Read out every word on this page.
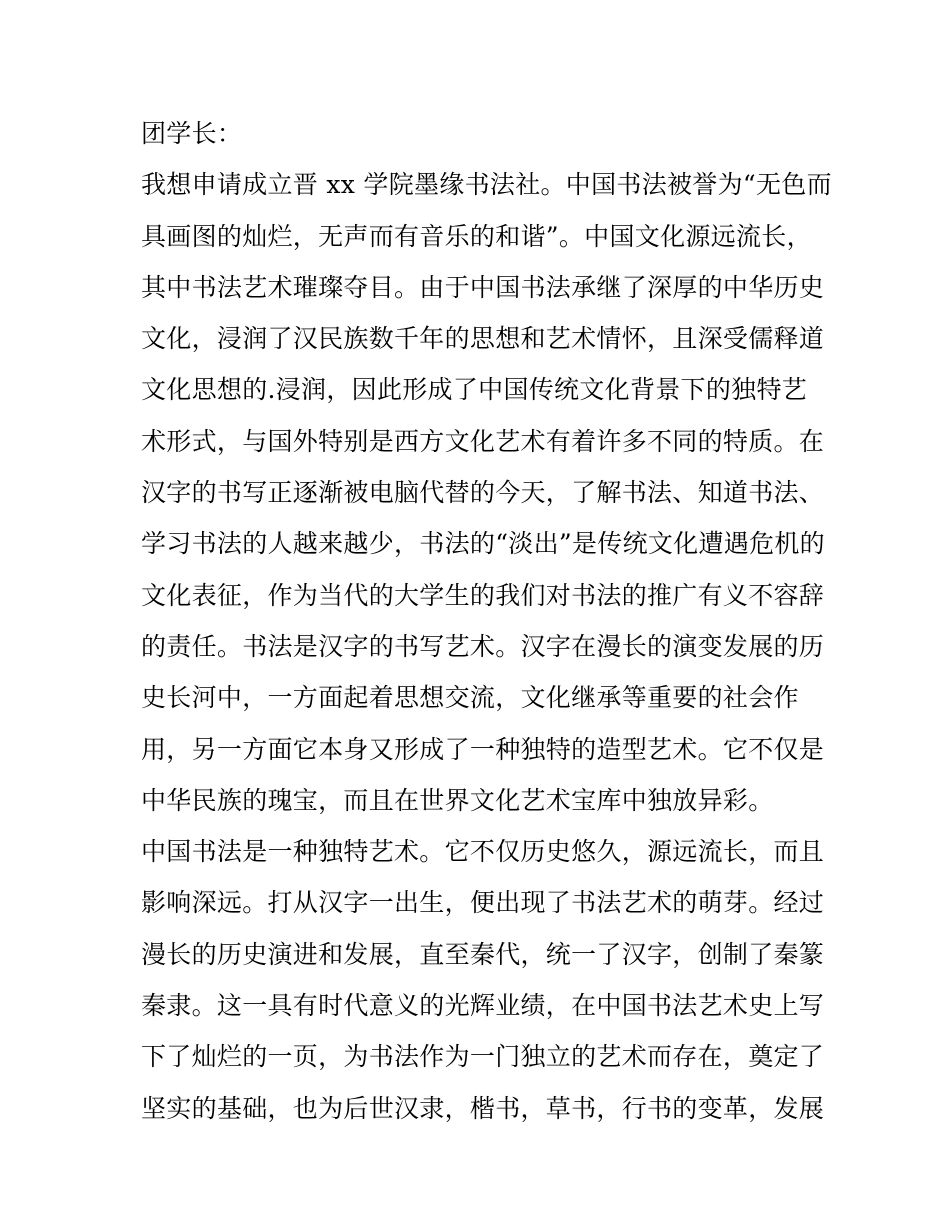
团学长：
我想申请成立晋 xx 学院墨缘书法社。中国书法被誉为“无色而
具画图的灿烂，无声而有音乐的和谐”。中国文化源远流长，
其中书法艺术璀璨夺目。由于中国书法承继了深厚的中华历史
文化，浸润了汉民族数千年的思想和艺术情怀，且深受儒释道
文化思想的.浸润，因此形成了中国传统文化背景下的独特艺
术形式，与国外特别是西方文化艺术有着许多不同的特质。在
汉字的书写正逐渐被电脑代替的今天，了解书法、知道书法、
学习书法的人越来越少，书法的“淡出”是传统文化遭遇危机的
文化表征，作为当代的大学生的我们对书法的推广有义不容辞
的责任。书法是汉字的书写艺术。汉字在漫长的演变发展的历
史长河中，一方面起着思想交流，文化继承等重要的社会作
用，另一方面它本身又形成了一种独特的造型艺术。它不仅是
中华民族的瑰宝，而且在世界文化艺术宝库中独放异彩。
中国书法是一种独特艺术。它不仅历史悠久，源远流长，而且
影响深远。打从汉字一出生，便出现了书法艺术的萌芽。经过
漫长的历史演进和发展，直至秦代，统一了汉字，创制了秦篆
秦隶。这一具有时代意义的光辉业绩，在中国书法艺术史上写
下了灿烂的一页，为书法作为一门独立的艺术而存在，奠定了
坚实的基础，也为后世汉隶，楷书，草书，行书的变革，发展
